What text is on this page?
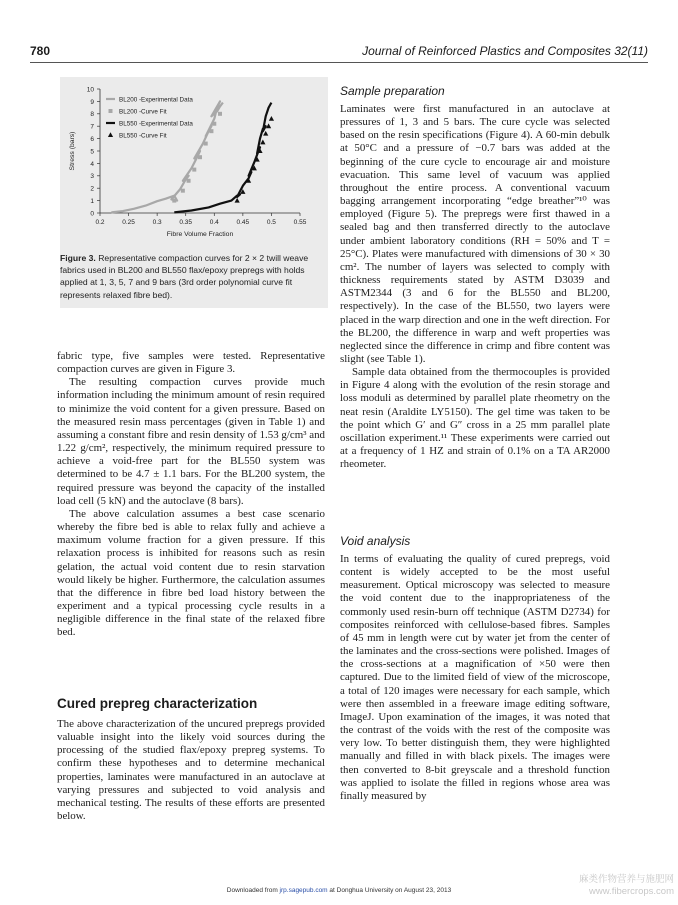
780	Journal of Reinforced Plastics and Composites 32(11)
0
1
2
3
4
5
6
7
8
9
10
0.2	0.25	0.3	0.35	0.4	0.45	0.5	0.55
Fibre Volume Fraction
Stress (bars)
BL200 -Experimental Data
BL200 -Curve Fit
BL550 -Experimental Data
BL550 -Curve Fit
Figure 3. Representative compaction curves for 2 × 2 twill weave fabrics used in BL200 and BL550 flax/epoxy prepregs with holds applied at 1, 3, 5, 7 and 9 bars (3rd order polynomial curve fit represents relaxed fibre bed).

fabric type, five samples were tested. Representative compaction curves are given in Figure 3.

The resulting compaction curves provide much information including the minimum amount of resin required to minimize the void content for a given pressure. Based on the measured resin mass percentages (given in Table 1) and assuming a constant fibre and resin density of 1.53 g/cm³ and 1.22 g/cm², respectively, the minimum required pressure to achieve a void-free part for the BL550 system was determined to be 4.7 ± 1.1 bars. For the BL200 system, the required pressure was beyond the capacity of the installed load cell (5 kN) and the autoclave (8 bars).

The above calculation assumes a best case scenario whereby the fibre bed is able to relax fully and achieve a maximum volume fraction for a given pressure. If this relaxation process is inhibited for reasons such as resin gelation, the actual void content due to resin starvation would likely be higher. Furthermore, the calculation assumes that the difference in fibre bed load history between the experiment and a typical processing cycle results in a negligible difference in the final state of the relaxed fibre bed.

Cured prepreg characterization

The above characterization of the uncured prepregs provided valuable insight into the likely void sources during the processing of the studied flax/epoxy prepreg systems. To confirm these hypotheses and to determine mechanical properties, laminates were manufactured in an autoclave at varying pressures and subjected to void analysis and mechanical testing. The results of these efforts are presented below.

Sample preparation

Laminates were first manufactured in an autoclave at pressures of 1, 3 and 5 bars. The cure cycle was selected based on the resin specifications (Figure 4). A 60-min debulk at 50°C and a pressure of −0.7 bars was added at the beginning of the cure cycle to encourage air and moisture evacuation. This same level of vacuum was applied throughout the entire process. A conventional vacuum bagging arrangement incorporating “edge breather”¹⁰ was employed (Figure 5). The prepregs were first thawed in a sealed bag and then transferred directly to the autoclave under ambient laboratory conditions (RH = 50% and T = 25°C). Plates were manufactured with dimensions of 30 × 30 cm². The number of layers was selected to comply with thickness requirements stated by ASTM D3039 and ASTM2344 (3 and 6 for the BL550 and BL200, respectively). In the case of the BL550, two layers were placed in the warp direction and one in the weft direction. For the BL200, the difference in warp and weft properties was neglected since the difference in crimp and fibre content was slight (see Table 1).

Sample data obtained from the thermocouples is provided in Figure 4 along with the evolution of the resin storage and loss moduli as determined by parallel plate rheometry on the neat resin (Araldite LY5150). The gel time was taken to be the point which G′ and G″ cross in a 25 mm parallel plate oscillation experiment.¹¹ These experiments were carried out at a frequency of 1 HZ and strain of 0.1% on a TA AR2000 rheometer.

Void analysis

In terms of evaluating the quality of cured prepregs, void content is widely accepted to be the most useful measurement. Optical microscopy was selected to measure the void content due to the inappropriateness of the commonly used resin-burn off technique (ASTM D2734) for composites reinforced with cellulose-based fibres. Samples of 45 mm in length were cut by water jet from the center of the laminates and the cross-sections were polished. Images of the cross-sections at a magnification of ×50 were then captured. Due to the limited field of view of the microscope, a total of 120 images were necessary for each sample, which were then assembled in a freeware image editing software, ImageJ. Upon examination of the images, it was noted that the contrast of the voids with the rest of the composite was very low. To better distinguish them, they were highlighted manually and filled in with black pixels. The images were then converted to 8-bit greyscale and a threshold function was applied to isolate the filled in regions whose area was finally measured by

Downloaded from jrp.sagepub.com at Donghua University on August 23, 2013
麻类作物营养与施肥网
www.fibercrops.com
